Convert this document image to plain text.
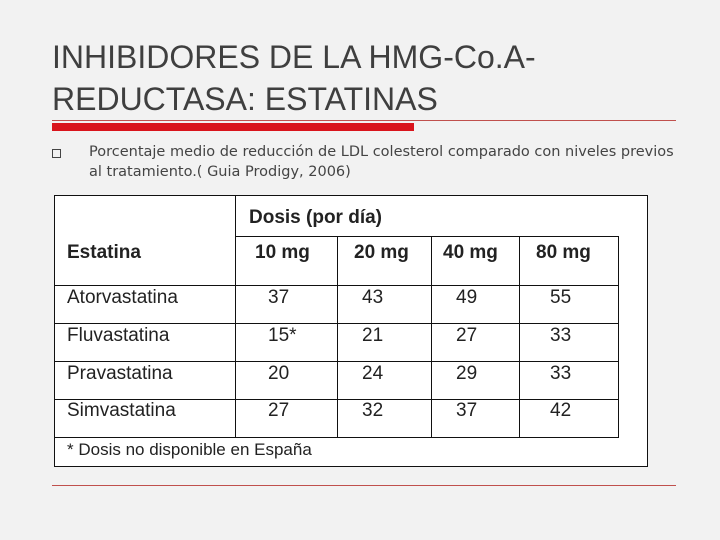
INHIBIDORES DE LA HMG-Co.A-
REDUCTASA: ESTATINAS
Porcentaje medio de reducción de LDL colesterol comparado con niveles previos al tratamiento.( Guia Prodigy, 2006)
Dosis (por día)
Estatina	10 mg 20 mg 40 mg 80 mg
Atorvastatina	37	43	49	55
Fluvastatina	15*	21	27	33
Pravastatina	20	24	29	33
Simvastatina	27	32	37	42
* Dosis no disponible en España
